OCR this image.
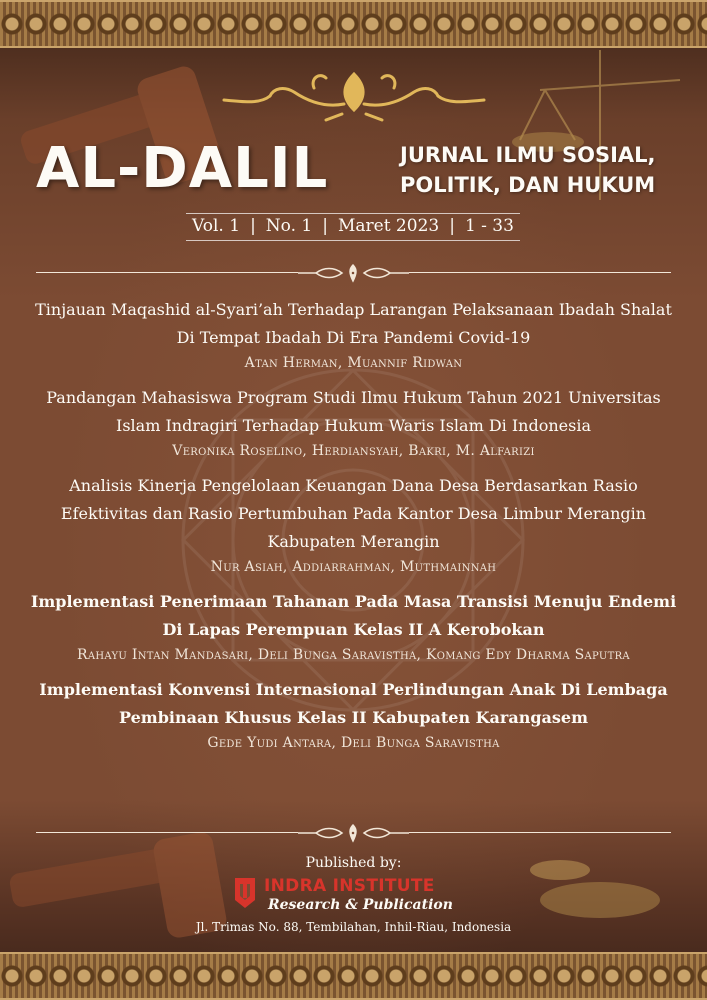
AL-DALIL	JURNAL ILMU SOSIAL,
POLITIK, DAN HUKUM
Vol. 1 | No. 1 | Maret 2023 | 1 - 33
Tinjauan Maqashid al-Syari’ah Terhadap Larangan Pelaksanaan Ibadah Shalat Di Tempat Ibadah Di Era Pandemi Covid-19
Atan Herman, Muannif Ridwan
Pandangan Mahasiswa Program Studi Ilmu Hukum Tahun 2021 Universitas Islam Indragiri Terhadap Hukum Waris Islam Di Indonesia
Veronika Roselino, Herdiansyah, Bakri, M. Alfarizi
Analisis Kinerja Pengelolaan Keuangan Dana Desa Berdasarkan Rasio Efektivitas dan Rasio Pertumbuhan Pada Kantor Desa Limbur Merangin Kabupaten Merangin
Nur Asiah, Addiarrahman, Muthmainnah
Implementasi Penerimaan Tahanan Pada Masa Transisi Menuju Endemi Di Lapas Perempuan Kelas II A Kerobokan
Rahayu Intan Mandasari, Deli Bunga Saravistha, Komang Edy Dharma Saputra
Implementasi Konvensi Internasional Perlindungan Anak Di Lembaga Pembinaan Khusus Kelas II Kabupaten Karangasem
Gede Yudi Antara, Deli Bunga Saravistha
Published by:
INDRA INSTITUTE
Research & Publication
Jl. Trimas No. 88, Tembilahan, Inhil-Riau, Indonesia
